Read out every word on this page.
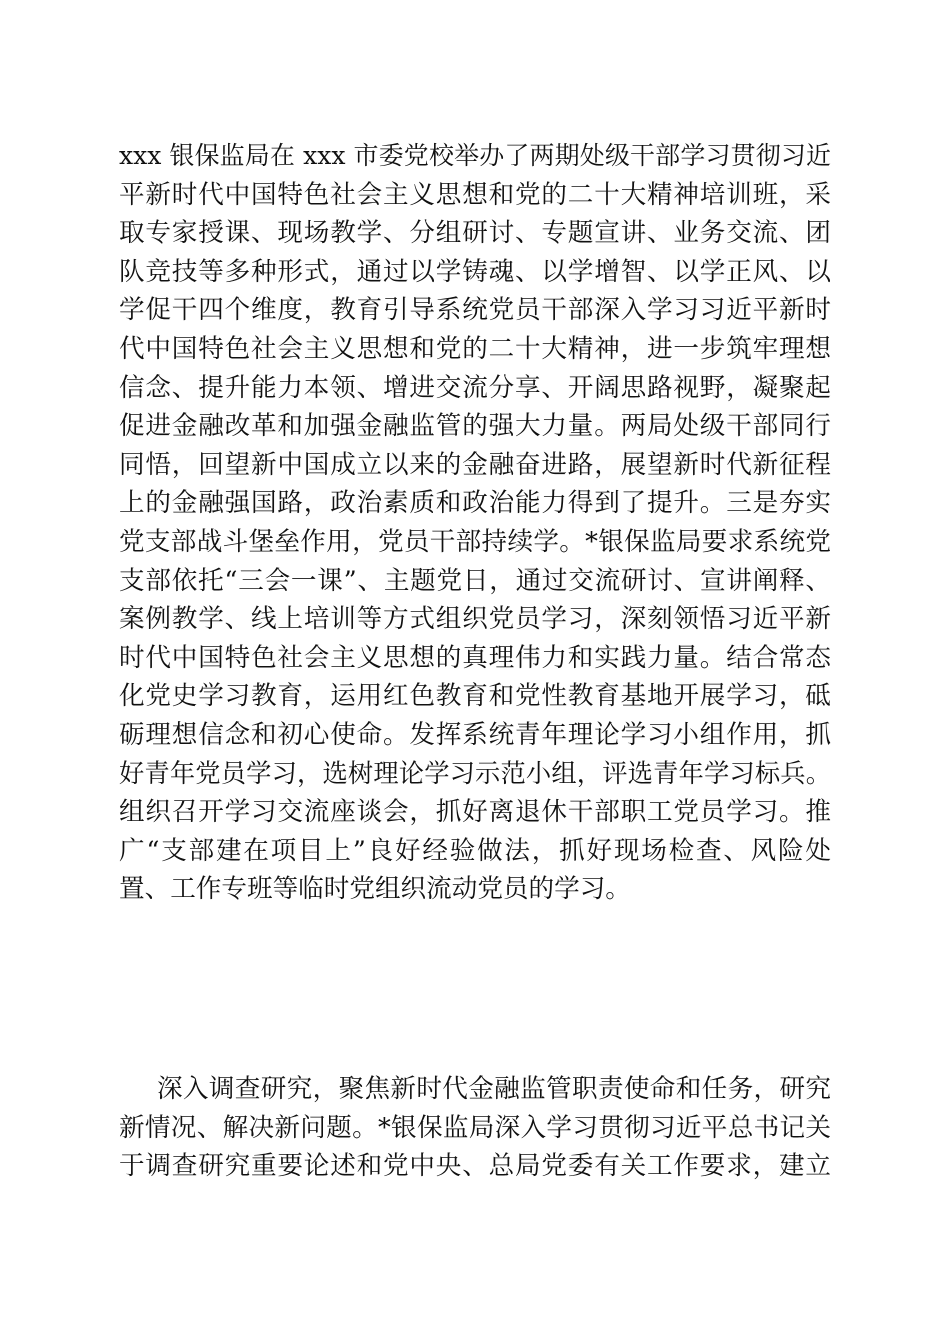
xxx 银保监局在 xxx 市委党校举办了两期处级干部学习贯彻习近
平新时代中国特色社会主义思想和党的二十大精神培训班，采
取专家授课、现场教学、分组研讨、专题宣讲、业务交流、团
队竞技等多种形式，通过以学铸魂、以学增智、以学正风、以
学促干四个维度，教育引导系统党员干部深入学习习近平新时
代中国特色社会主义思想和党的二十大精神，进一步筑牢理想
信念、提升能力本领、增进交流分享、开阔思路视野，凝聚起
促进金融改革和加强金融监管的强大力量。两局处级干部同行
同悟，回望新中国成立以来的金融奋进路，展望新时代新征程
上的金融强国路，政治素质和政治能力得到了提升。三是夯实
党支部战斗堡垒作用，党员干部持续学。*银保监局要求系统党
支部依托“三会一课”、主题党日，通过交流研讨、宣讲阐释、
案例教学、线上培训等方式组织党员学习，深刻领悟习近平新
时代中国特色社会主义思想的真理伟力和实践力量。结合常态
化党史学习教育，运用红色教育和党性教育基地开展学习，砥
砺理想信念和初心使命。发挥系统青年理论学习小组作用，抓
好青年党员学习，选树理论学习示范小组，评选青年学习标兵。
组织召开学习交流座谈会，抓好离退休干部职工党员学习。推
广“支部建在项目上”良好经验做法，抓好现场检查、风险处
置、工作专班等临时党组织流动党员的学习。
深入调查研究，聚焦新时代金融监管职责使命和任务，研究
新情况、解决新问题。*银保监局深入学习贯彻习近平总书记关
于调查研究重要论述和党中央、总局党委有关工作要求，建立
